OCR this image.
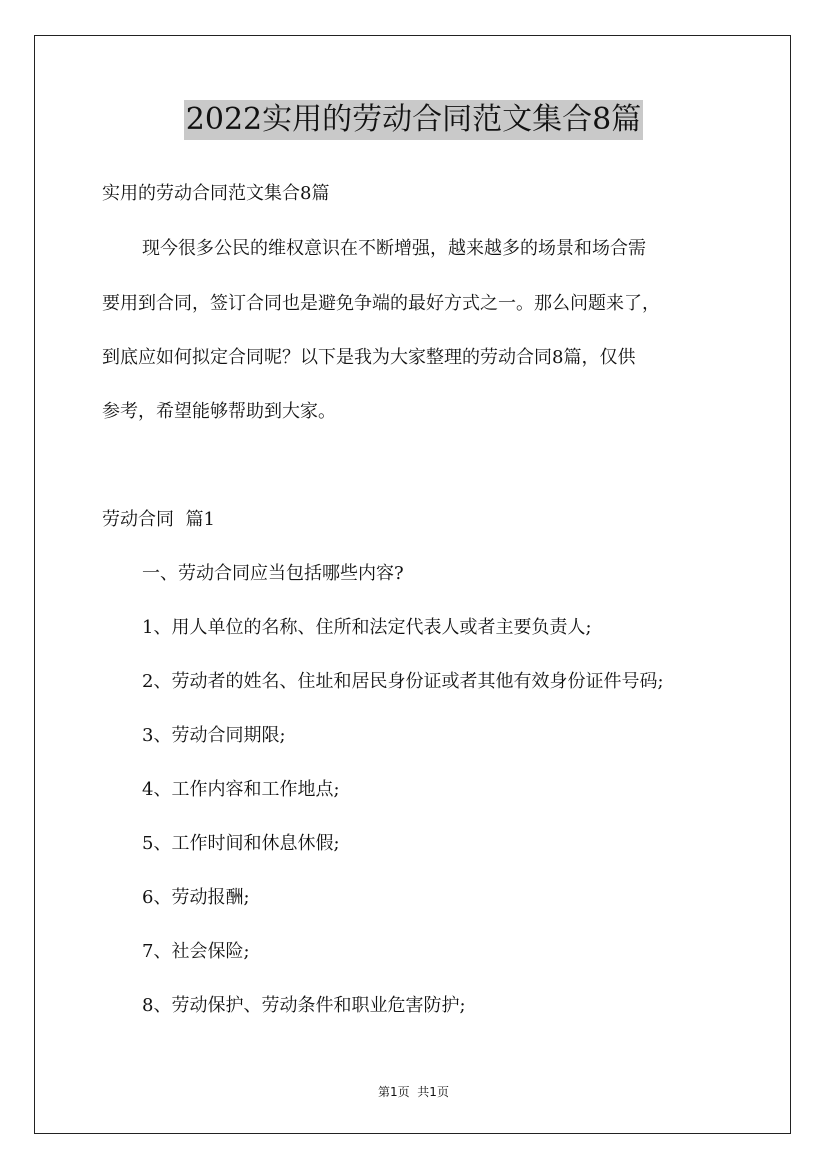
2022实用的劳动合同范文集合8篇
实用的劳动合同范文集合8篇
现今很多公民的维权意识在不断增强，越来越多的场景和场合需
要用到合同，签订合同也是避免争端的最好方式之一。那么问题来了，
到底应如何拟定合同呢？以下是我为大家整理的劳动合同8篇，仅供
参考，希望能够帮助到大家。
劳动合同  篇1
一、劳动合同应当包括哪些内容?
1、用人单位的名称、住所和法定代表人或者主要负责人;
2、劳动者的姓名、住址和居民身份证或者其他有效身份证件号码;
3、劳动合同期限;
4、工作内容和工作地点;
5、工作时间和休息休假;
6、劳动报酬;
7、社会保险;
8、劳动保护、劳动条件和职业危害防护;
第1页  共1页
